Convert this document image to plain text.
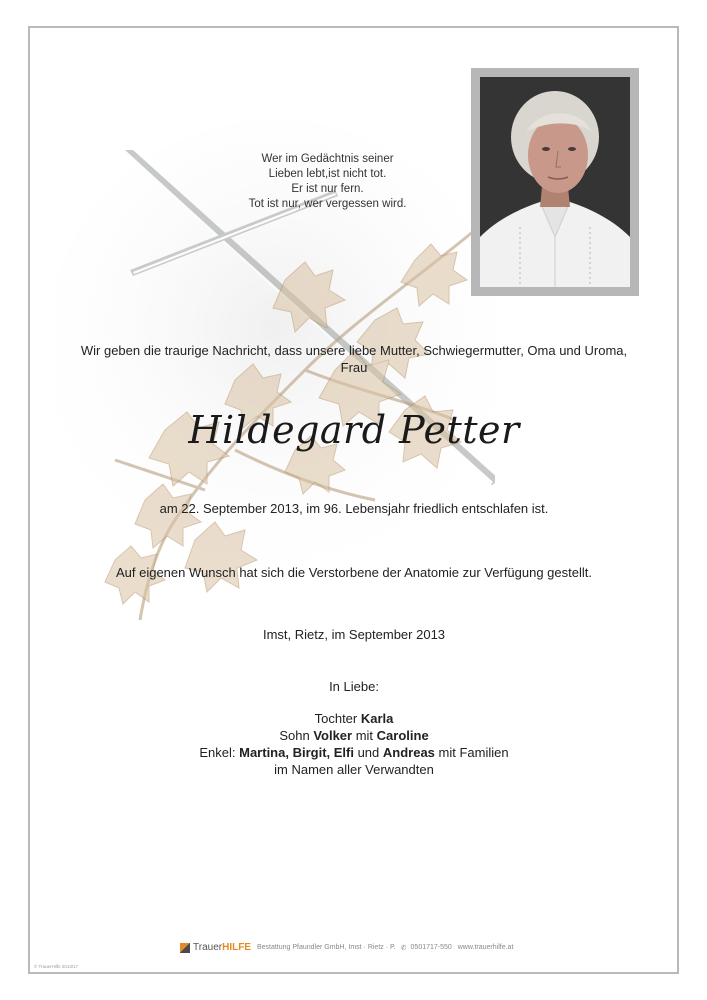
Wer im Gedächtnis seiner
Lieben lebt,ist nicht tot.
Er ist nur fern.
Tot ist nur, wer vergessen wird.
Wir geben die traurige Nachricht, dass unsere liebe Mutter, Schwiegermutter, Oma und Uroma,
Frau
Hildegard Petter
am 22. September 2013, im 96. Lebensjahr friedlich entschlafen ist.
Auf eigenen Wunsch hat sich die Verstorbene der Anatomie zur Verfügung gestellt.
Imst, Rietz, im September 2013
In Liebe:
Tochter Karla
Sohn Volker mit Caroline
Enkel: Martina, Birgit, Elfi und Andreas mit Familien
im Namen aller Verwandten
TrauerHILFE Bestattung Pfaundler GmbH, Imst · Rietz · P. ✆ 0501717-550 www.trauerhilfe.at
© TrauerHilfe 2013/17
